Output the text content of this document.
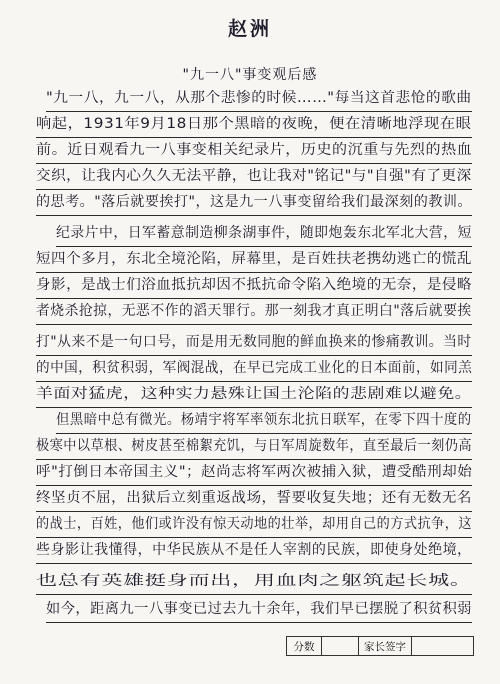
赵洲
"九一八"事变观后感
"九一八，九一八，从那个悲惨的时候……"每当这首悲怆的歌曲
响起，1931年9月18日那个黑暗的夜晚，便在清晰地浮现在眼
前。近日观看九一八事变相关纪录片，历史的沉重与先烈的热血
交织，让我内心久久无法平静，也让我对"铭记"与"自强"有了更深
的思考。"落后就要挨打"，这是九一八事变留给我们最深刻的教训。
纪录片中，日军蓄意制造柳条湖事件，随即炮轰东北军北大营，短
短四个多月，东北全境沦陷，屏幕里，是百姓扶老携幼逃亡的慌乱
身影，是战士们浴血抵抗却因不抵抗命令陷入绝境的无奈，是侵略
者烧杀抢掠，无恶不作的滔天罪行。那一刻我才真正明白"落后就要挨
打"从来不是一句口号，而是用无数同胞的鲜血换来的惨痛教训。当时
的中国，积贫积弱，军阀混战，在早已完成工业化的日本面前，如同羔
羊面对猛虎，这种实力悬殊让国土沦陷的悲剧难以避免。
但黑暗中总有微光。杨靖宇将军率领东北抗日联军，在零下四十度的
极寒中以草根、树皮甚至棉絮充饥，与日军周旋数年，直至最后一刻仍高
呼"打倒日本帝国主义"；赵尚志将军两次被捕入狱，遭受酷刑却始
终坚贞不屈，出狱后立刻重返战场，誓要收复失地；还有无数无名
的战士，百姓，他们或许没有惊天动地的壮举，却用自己的方式抗争，这
些身影让我懂得，中华民族从不是任人宰割的民族，即使身处绝境，
也总有英雄挺身而出，用血肉之躯筑起长城。
如今，距离九一八事变已过去九十余年，我们早已摆脱了积贫积弱
分数	家长签字
